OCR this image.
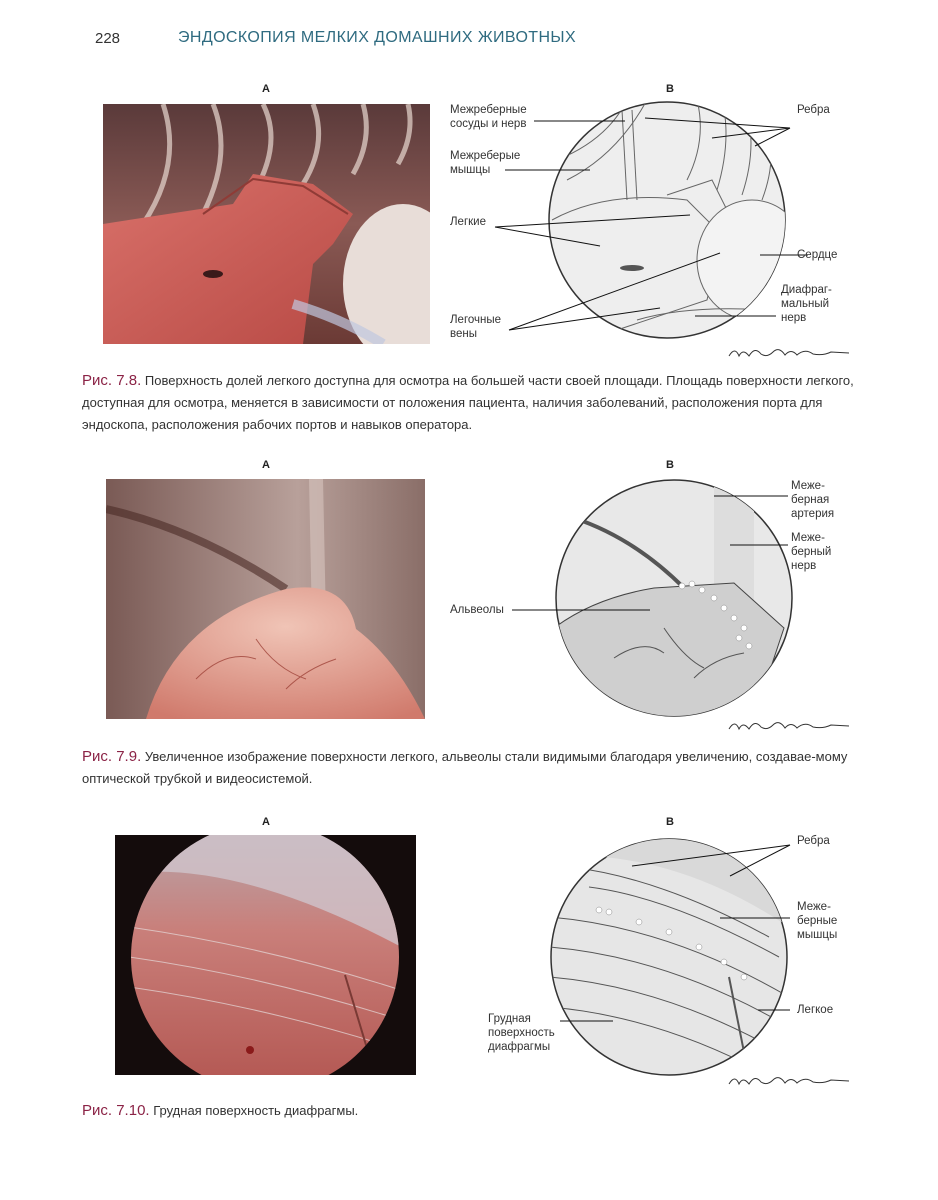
228	ЭНДОСКОПИЯ МЕЛКИХ ДОМАШНИХ ЖИВОТНЫХ
A	B
Межреберные
сосуды и нерв
Ребра
Межреберые
мышцы
Легкие
Сердце
Диафраг-
мальный
нерв
Легочные
вены
Рис. 7.8. Поверхность долей легкого доступна для осмотра на большей части своей площади. Площадь поверхности легкого, доступная для осмотра, меняется в зависимости от положения пациента, наличия заболеваний, расположения порта для эндоскопа, расположения рабочих портов и навыков оператора.
A	B
Меже-
берная
артерия
Меже-
берный
нерв
Альвеолы
Рис. 7.9. Увеличенное изображение поверхности легкого, альвеолы стали видимыми благодаря увеличению, создавае-мому оптической трубкой и видеосистемой.
A	B
Ребра
Меже-
берные
мышцы
Легкое
Грудная
поверхность
диафрагмы
Рис. 7.10. Грудная поверхность диафрагмы.
